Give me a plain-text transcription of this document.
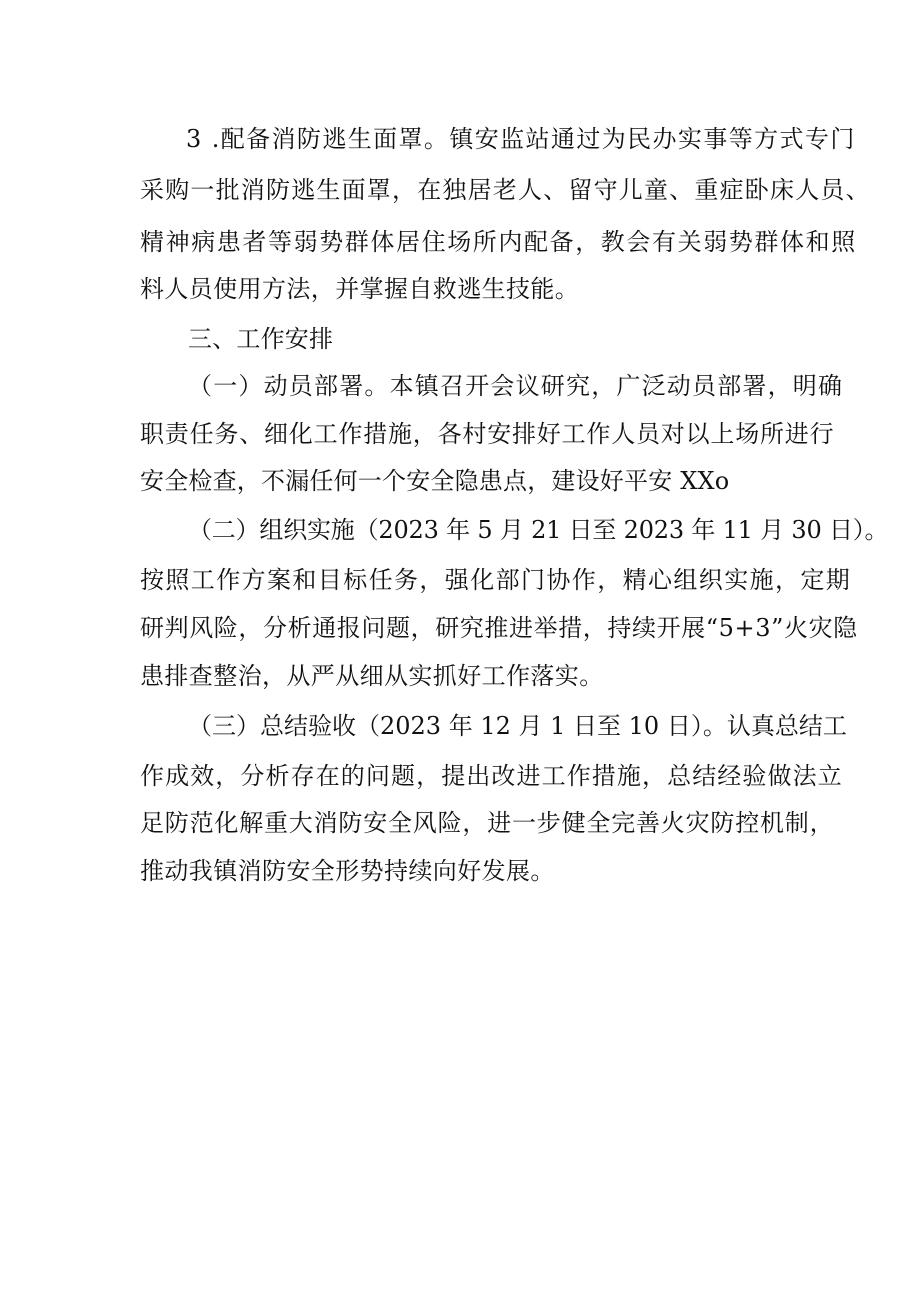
3 .配备消防逃生面罩。镇安监站通过为民办实事等方式专门
采购一批消防逃生面罩，在独居老人、留守儿童、重症卧床人员、
精神病患者等弱势群体居住场所内配备，教会有关弱势群体和照
料人员使用方法，并掌握自救逃生技能。
三、工作安排
（一）动员部署。本镇召开会议研究，广泛动员部署，明确
职责任务、细化工作措施，各村安排好工作人员对以上场所进行
安全检查，不漏任何一个安全隐患点，建设好平安 XXo
（二）组织实施（2023 年 5 月 21 日至 2023 年 11 月 30 日）。
按照工作方案和目标任务，强化部门协作，精心组织实施，定期
研判风险，分析通报问题，研究推进举措，持续开展“5+3”火灾隐
患排查整治，从严从细从实抓好工作落实。
（三）总结验收（2023 年 12 月 1 日至 10 日）。认真总结工
作成效，分析存在的问题，提出改进工作措施，总结经验做法立
足防范化解重大消防安全风险，进一步健全完善火灾防控机制，
推动我镇消防安全形势持续向好发展。
